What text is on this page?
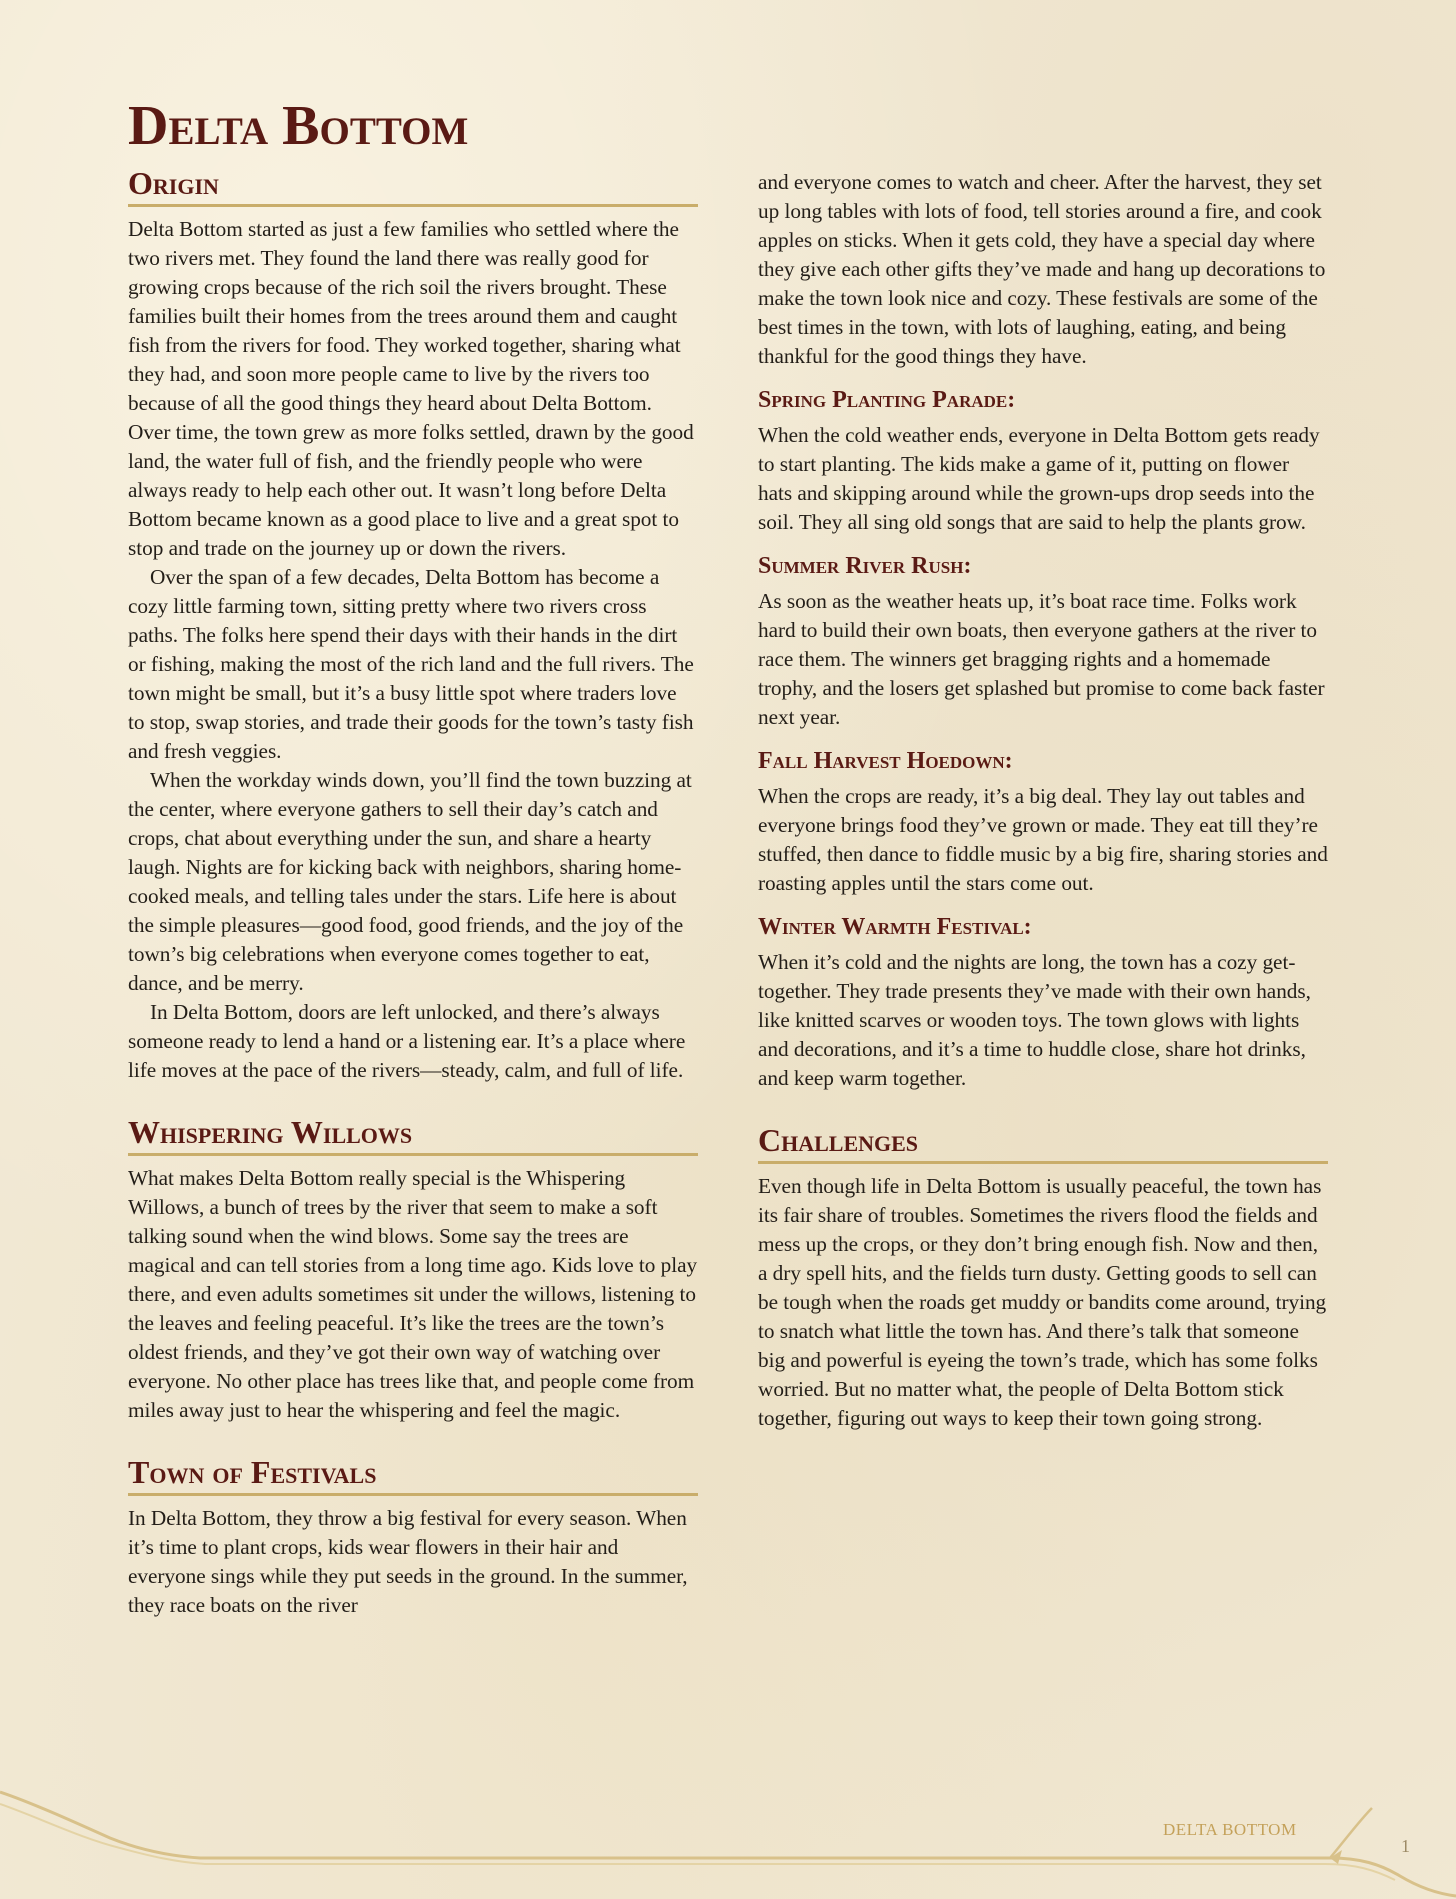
Delta Bottom
Origin

Delta Bottom started as just a few families who settled where the two rivers met. They found the land there was really good for growing crops because of the rich soil the rivers brought. These families built their homes from the trees around them and caught fish from the rivers for food. They worked together, sharing what they had, and soon more people came to live by the rivers too because of all the good things they heard about Delta Bottom. Over time, the town grew as more folks settled, drawn by the good land, the water full of fish, and the friendly people who were always ready to help each other out. It wasn’t long before Delta Bottom became known as a good place to live and a great spot to stop and trade on the journey up or down the rivers.

Over the span of a few decades, Delta Bottom has become a cozy little farming town, sitting pretty where two rivers cross paths. The folks here spend their days with their hands in the dirt or fishing, making the most of the rich land and the full rivers. The town might be small, but it’s a busy little spot where traders love to stop, swap stories, and trade their goods for the town’s tasty fish and fresh veggies.

When the workday winds down, you’ll find the town buzzing at the center, where everyone gathers to sell their day’s catch and crops, chat about everything under the sun, and share a hearty laugh. Nights are for kicking back with neighbors, sharing home-cooked meals, and telling tales under the stars. Life here is about the simple pleasures—good food, good friends, and the joy of the town’s big celebrations when everyone comes together to eat, dance, and be merry.

In Delta Bottom, doors are left unlocked, and there’s always someone ready to lend a hand or a listening ear. It’s a place where life moves at the pace of the rivers—steady, calm, and full of life.

Whispering Willows

What makes Delta Bottom really special is the Whispering Willows, a bunch of trees by the river that seem to make a soft talking sound when the wind blows. Some say the trees are magical and can tell stories from a long time ago. Kids love to play there, and even adults sometimes sit under the willows, listening to the leaves and feeling peaceful. It’s like the trees are the town’s oldest friends, and they’ve got their own way of watching over everyone. No other place has trees like that, and people come from miles away just to hear the whispering and feel the magic.

Town of Festivals

In Delta Bottom, they throw a big festival for every season. When it’s time to plant crops, kids wear flowers in their hair and everyone sings while they put seeds in the ground. In the summer, they race boats on the river

and everyone comes to watch and cheer. After the harvest, they set up long tables with lots of food, tell stories around a fire, and cook apples on sticks. When it gets cold, they have a special day where they give each other gifts they’ve made and hang up decorations to make the town look nice and cozy. These festivals are some of the best times in the town, with lots of laughing, eating, and being thankful for the good things they have.

Spring Planting Parade:

When the cold weather ends, everyone in Delta Bottom gets ready to start planting. The kids make a game of it, putting on flower hats and skipping around while the grown-ups drop seeds into the soil. They all sing old songs that are said to help the plants grow.

Summer River Rush:

As soon as the weather heats up, it’s boat race time. Folks work hard to build their own boats, then everyone gathers at the river to race them. The winners get bragging rights and a homemade trophy, and the losers get splashed but promise to come back faster next year.

Fall Harvest Hoedown:

When the crops are ready, it’s a big deal. They lay out tables and everyone brings food they’ve grown or made. They eat till they’re stuffed, then dance to fiddle music by a big fire, sharing stories and roasting apples until the stars come out.

Winter Warmth Festival:

When it’s cold and the nights are long, the town has a cozy get-together. They trade presents they’ve made with their own hands, like knitted scarves or wooden toys. The town glows with lights and decorations, and it’s a time to huddle close, share hot drinks, and keep warm together.

Challenges

Even though life in Delta Bottom is usually peaceful, the town has its fair share of troubles. Sometimes the rivers flood the fields and mess up the crops, or they don’t bring enough fish. Now and then, a dry spell hits, and the fields turn dusty. Getting goods to sell can be tough when the roads get muddy or bandits come around, trying to snatch what little the town has. And there’s talk that someone big and powerful is eyeing the town’s trade, which has some folks worried. But no matter what, the people of Delta Bottom stick together, figuring out ways to keep their town going strong.

DELTA BOTTOM
1
